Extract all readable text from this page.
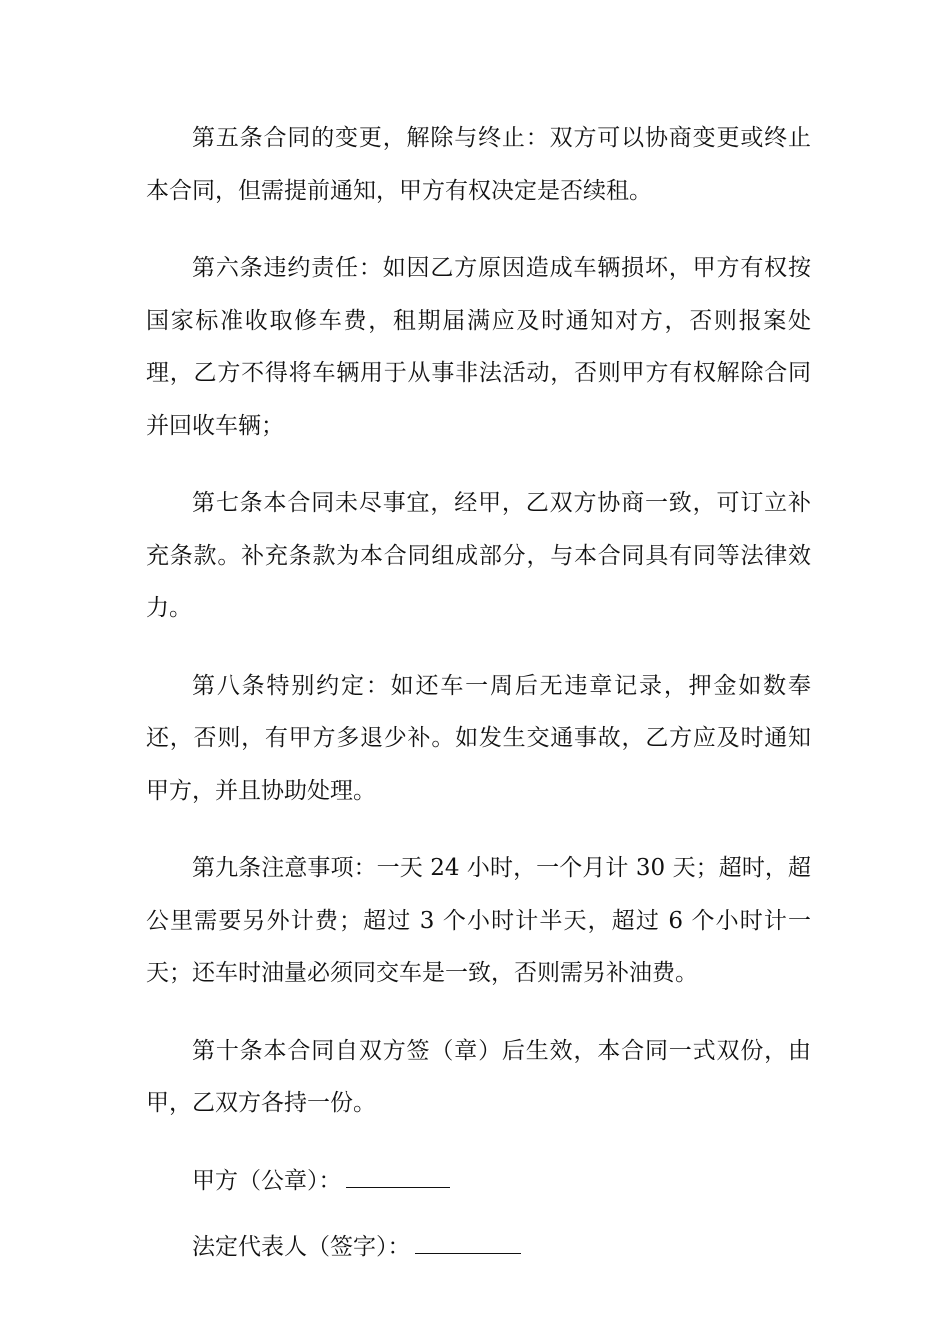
第五条合同的变更，解除与终止：双方可以协商变更或终止本合同，但需提前通知，甲方有权决定是否续租。

第六条违约责任：如因乙方原因造成车辆损坏，甲方有权按国家标准收取修车费，租期届满应及时通知对方，否则报案处理，乙方不得将车辆用于从事非法活动，否则甲方有权解除合同并回收车辆；

第七条本合同未尽事宜，经甲，乙双方协商一致，可订立补充条款。补充条款为本合同组成部分，与本合同具有同等法律效力。

第八条特别约定：如还车一周后无违章记录，押金如数奉还，否则，有甲方多退少补。如发生交通事故，乙方应及时通知甲方，并且协助处理。

第九条注意事项：一天 24 小时，一个月计 30 天；超时，超公里需要另外计费；超过 3 个小时计半天，超过 6 个小时计一天；还车时油量必须同交车是一致，否则需另补油费。

第十条本合同自双方签（章）后生效，本合同一式双份，由甲，乙双方各持一份。

甲方（公章）：
法定代表人（签字）：
